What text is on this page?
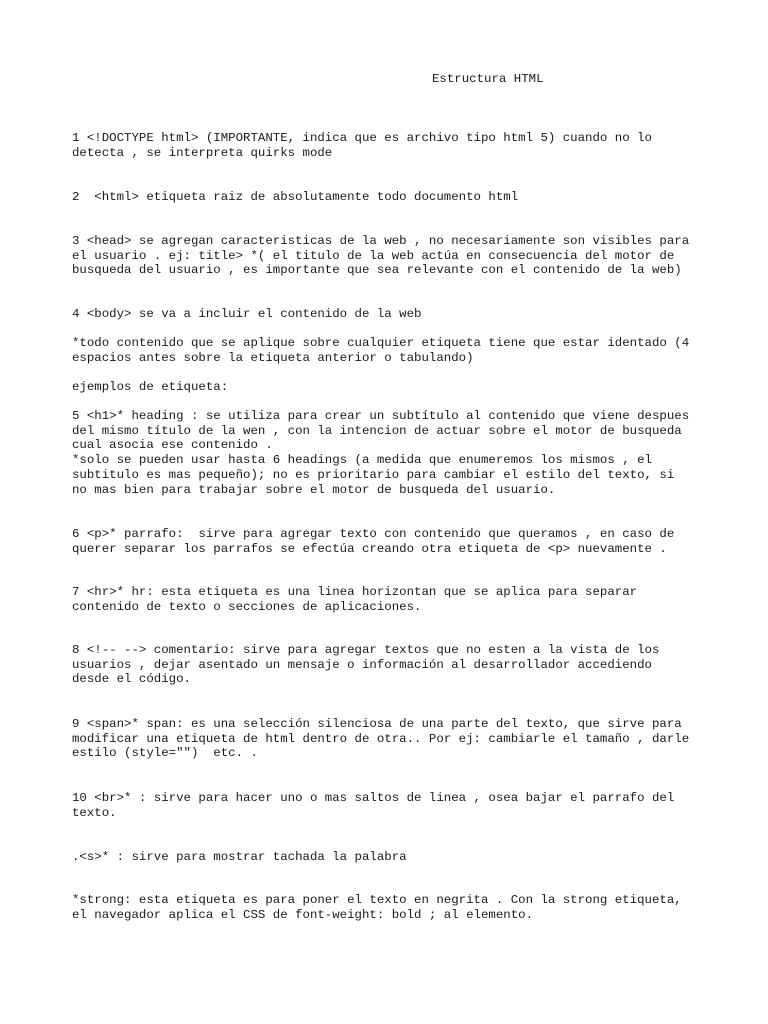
Estructura HTML

1 <!DOCTYPE html> (IMPORTANTE, indica que es archivo tipo html 5) cuando no lo
detecta , se interpreta quirks mode

2  <html> etiqueta raiz de absolutamente todo documento html

3 <head> se agregan caracteristicas de la web , no necesariamente son visibles para
el usuario . ej: title> *( el titulo de la web actúa en consecuencia del motor de
busqueda del usuario , es importante que sea relevante con el contenido de la web)

4 <body> se va a incluir el contenido de la web

*todo contenido que se aplique sobre cualquier etiqueta tiene que estar identado (4
espacios antes sobre la etiqueta anterior o tabulando)

ejemplos de etiqueta:

5 <h1>* heading : se utiliza para crear un subtítulo al contenido que viene despues
del mismo título de la wen , con la intencion de actuar sobre el motor de busqueda
cual asocia ese contenido .
*solo se pueden usar hasta 6 headings (a medida que enumeremos los mismos , el
subtitulo es mas pequeño); no es prioritario para cambiar el estilo del texto, si
no mas bien para trabajar sobre el motor de busqueda del usuario.

6 <p>* parrafo:  sirve para agregar texto con contenido que queramos , en caso de
querer separar los parrafos se efectúa creando otra etiqueta de <p> nuevamente .

7 <hr>* hr: esta etiqueta es una linea horizontan que se aplica para separar
contenido de texto o secciones de aplicaciones.

8 <!-- --> comentario: sirve para agregar textos que no esten a la vista de los
usuarios , dejar asentado un mensaje o información al desarrollador accediendo
desde el código.

9 <span>* span: es una selección silenciosa de una parte del texto, que sirve para
modificar una etiqueta de html dentro de otra.. Por ej: cambiarle el tamaño , darle
estilo (style="")  etc. .

10 <br>* : sirve para hacer uno o mas saltos de linea , osea bajar el parrafo del
texto.

.<s>* : sirve para mostrar tachada la palabra

*strong: esta etiqueta es para poner el texto en negrita . Con la strong etiqueta,
el navegador aplica el CSS de font-weight: bold ; al elemento.
